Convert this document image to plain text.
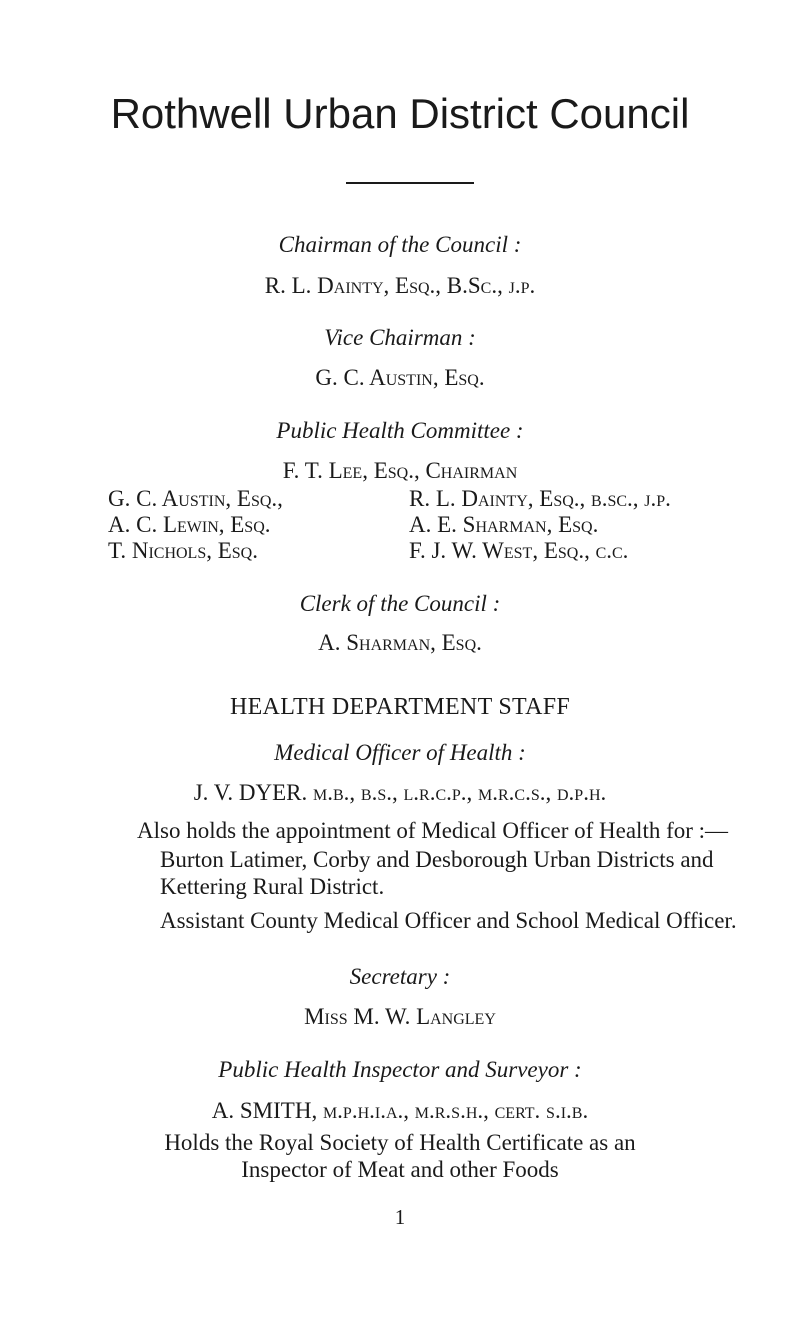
Rothwell Urban District Council
Chairman of the Council :
R. L. Dainty, Esq., B.Sc., j.p.
Vice Chairman :
G. C. Austin, Esq.
Public Health Committee :
F. T. Lee, Esq., Chairman
G. C. Austin, Esq.,
A. C. Lewin, Esq.
T. Nichols, Esq.
R. L. Dainty, Esq., b.sc., j.p.
A. E. Sharman, Esq.
F. J. W. West, Esq., c.c.
Clerk of the Council :
A. Sharman, Esq.
HEALTH DEPARTMENT STAFF
Medical Officer of Health :
J. V. DYER. m.b., b.s., l.r.c.p., m.r.c.s., d.p.h.
Also holds the appointment of Medical Officer of Health for :—
Burton Latimer, Corby and Desborough Urban Districts and
Kettering Rural District.
Assistant County Medical Officer and School Medical Officer.
Secretary :
Miss M. W. Langley
Public Health Inspector and Surveyor :
A. SMITH, m.p.h.i.a., m.r.s.h., cert. s.i.b.
Holds the Royal Society of Health Certificate as an
Inspector of Meat and other Foods
1
